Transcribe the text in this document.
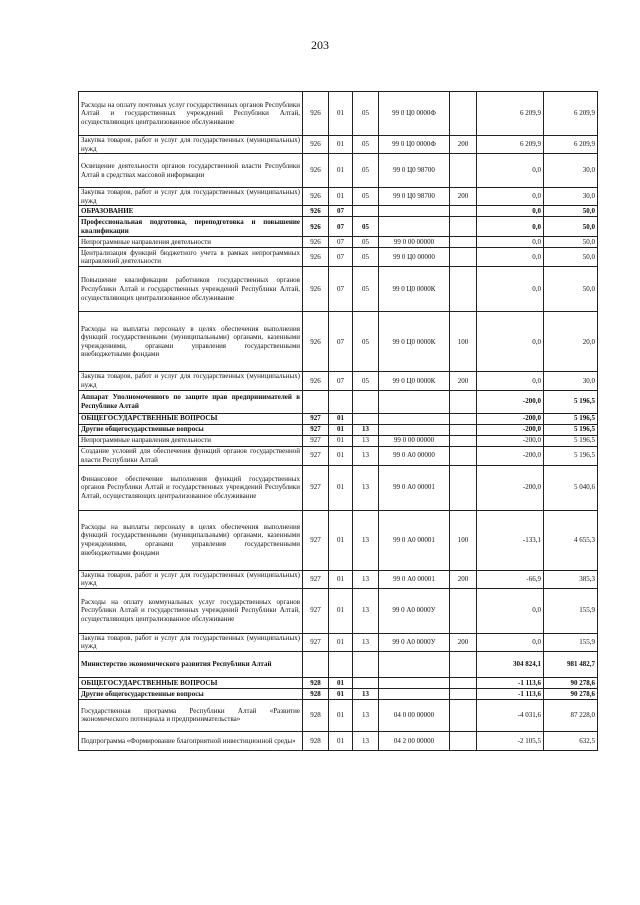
203
Расходы на оплату почтовых услуг государственных органов Республики Алтай и государственных учреждений Республики Алтай, осуществляющих централизованное обслуживание	926	01	05	99 0 Ц0 0000Ф		6 209,9	6 209,9
Закупка товаров, работ и услуг для государственных (муниципальных) нужд	926	01	05	99 0 Ц0 0000Ф	200	6 209,9	6 209,9
Освещение деятельности органов государственной власти Республики Алтай в средствах массовой информации	926	01	05	99 0 Ц0 98700		0,0	30,0
Закупка товаров, работ и услуг для государственных (муниципальных) нужд	926	01	05	99 0 Ц0 98700	200	0,0	30,0
ОБРАЗОВАНИЕ	926	07				0,0	50,0
Профессиональная подготовка, переподготовка и повышение квалификации	926	07	05			0,0	50,0
Непрограммные направления деятельности	926	07	05	99 0 00 00000		0,0	50,0
Централизация функций бюджетного учета в рамках непрограммных направлений деятельности	926	07	05	99 0 Ц0 00000		0,0	50,0
Повышение квалификации работников государственных органов Республики Алтай и государственных учреждений Республики Алтай, осуществляющих централизованное обслуживание	926	07	05	99 0 Ц0 0000К		0,0	50,0
Расходы на выплаты персоналу в целях обеспечения выполнения функций государственными (муниципальными) органами, казенными учреждениями, органами управления государственными внебюджетными фондами	926	07	05	99 0 Ц0 0000К	100	0,0	20,0
Закупка товаров, работ и услуг для государственных (муниципальных) нужд	926	07	05	99 0 Ц0 0000К	200	0,0	30,0
Аппарат Уполномоченного по защите прав предпринимателей в Республике Алтай						-200,0	5 196,5
ОБЩЕГОСУДАРСТВЕННЫЕ ВОПРОСЫ	927	01				-200,0	5 196,5
Другие общегосударственные вопросы	927	01	13			-200,0	5 196,5
Непрограммные направления деятельности	927	01	13	99 0 00 00000		-200,0	5 196,5
Создание условий для обеспечения функций органов государственной власти Республики Алтай	927	01	13	99 0 А0 00000		-200,0	5 196,5
Финансовое обеспечение выполнения функций государственных органов Республики Алтай и государственных учреждений Республики Алтай, осуществляющих централизованное обслуживание	927	01	13	99 0 А0 00001		-200,0	5 040,6
Расходы на выплаты персоналу в целях обеспечения выполнения функций государственными (муниципальными) органами, казенными учреждениями, органами управления государственными внебюджетными фондами	927	01	13	99 0 А0 00001	100	-133,1	4 655,3
Закупка товаров, работ и услуг для государственных (муниципальных) нужд	927	01	13	99 0 А0 00001	200	-66,9	385,3
Расходы на оплату коммунальных услуг государственных органов Республики Алтай и государственных учреждений Республики Алтай, осуществляющих централизованное обслуживание	927	01	13	99 0 А0 0000У		0,0	155,9
Закупка товаров, работ и услуг для государственных (муниципальных) нужд	927	01	13	99 0 А0 0000У	200	0,0	155,9
Министерство экономического развития Республики Алтай						304 824,1	981 482,7
ОБЩЕГОСУДАРСТВЕННЫЕ ВОПРОСЫ	928	01				-1 113,6	90 278,6
Другие общегосударственные вопросы	928	01	13			-1 113,6	90 278,6
Государственная программа Республики Алтай «Развитие экономического потенциала и предпринимательства»	928	01	13	04 0 00 00000		-4 031,6	87 228,0
Подпрограмма «Формирование благоприятной инвестиционной среды»	928	01	13	04 2 00 00000		-2 105,5	632,5
